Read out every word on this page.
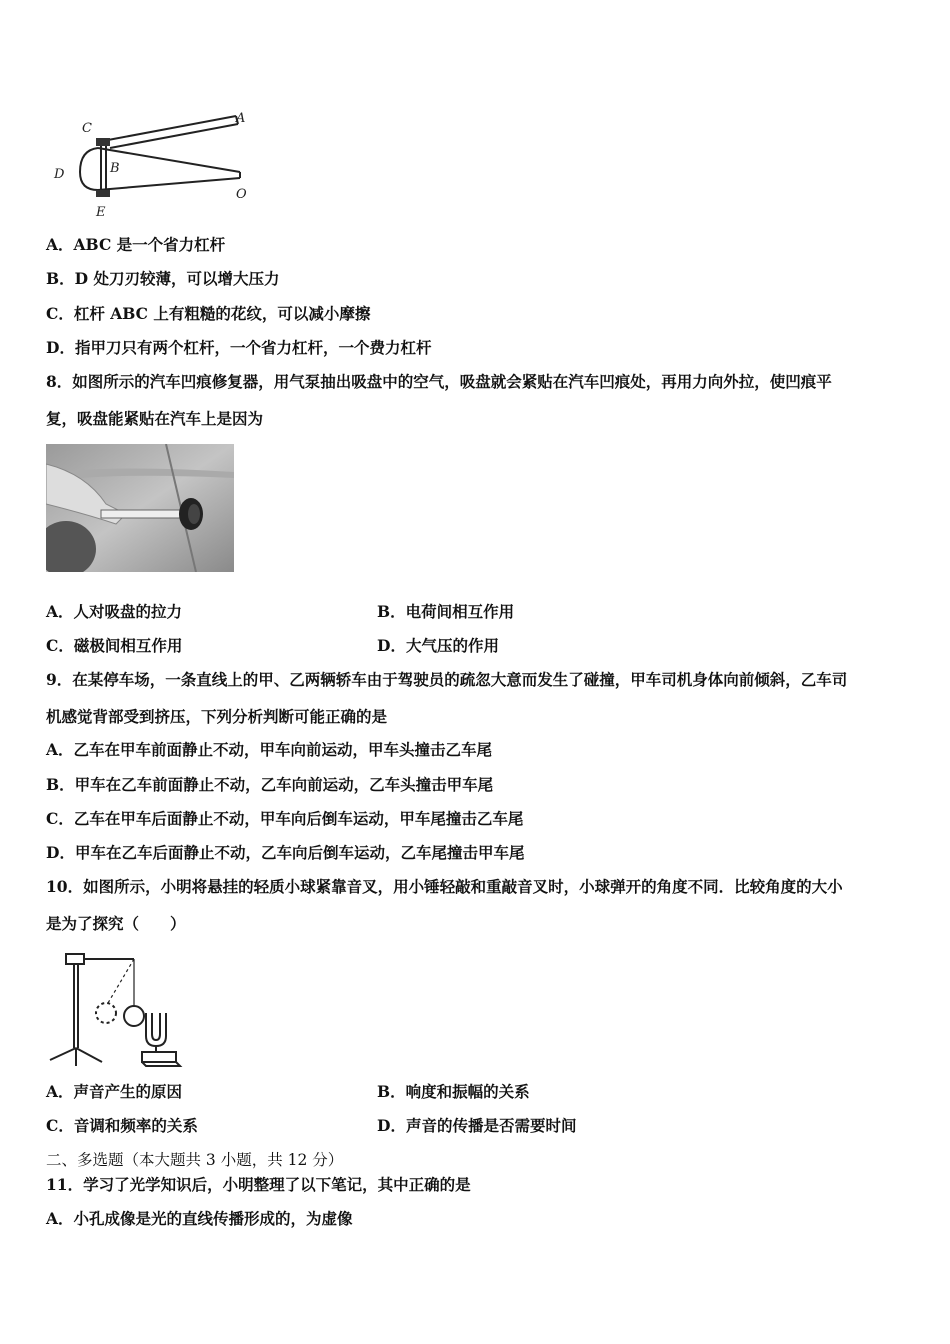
C
A
B
D
E
O
A．ABC 是一个省力杠杆
B．D 处刀刃较薄，可以增大压力
C．杠杆 ABC 上有粗糙的花纹，可以减小摩擦
D．指甲刀只有两个杠杆，一个省力杠杆，一个费力杠杆
8．如图所示的汽车凹痕修复器，用气泵抽出吸盘中的空气，吸盘就会紧贴在汽车凹痕处，再用力向外拉，使凹痕平
复，吸盘能紧贴在汽车上是因为
A．人对吸盘的拉力	B．电荷间相互作用
C．磁极间相互作用	D．大气压的作用
9．在某停车场，一条直线上的甲、乙两辆轿车由于驾驶员的疏忽大意而发生了碰撞，甲车司机身体向前倾斜，乙车司
机感觉背部受到挤压，下列分析判断可能正确的是
A．乙车在甲车前面静止不动，甲车向前运动，甲车头撞击乙车尾
B．甲车在乙车前面静止不动，乙车向前运动，乙车头撞击甲车尾
C．乙车在甲车后面静止不动，甲车向后倒车运动，甲车尾撞击乙车尾
D．甲车在乙车后面静止不动，乙车向后倒车运动，乙车尾撞击甲车尾
10．如图所示，小明将悬挂的轻质小球紧靠音叉，用小锤轻敲和重敲音叉时，小球弹开的角度不同．比较角度的大小
是为了探究（　　）
A．声音产生的原因	B．响度和振幅的关系
C．音调和频率的关系	D．声音的传播是否需要时间
二、多选题（本大题共 3 小题，共 12 分）
11．学习了光学知识后，小明整理了以下笔记，其中正确的是
A．小孔成像是光的直线传播形成的，为虚像
